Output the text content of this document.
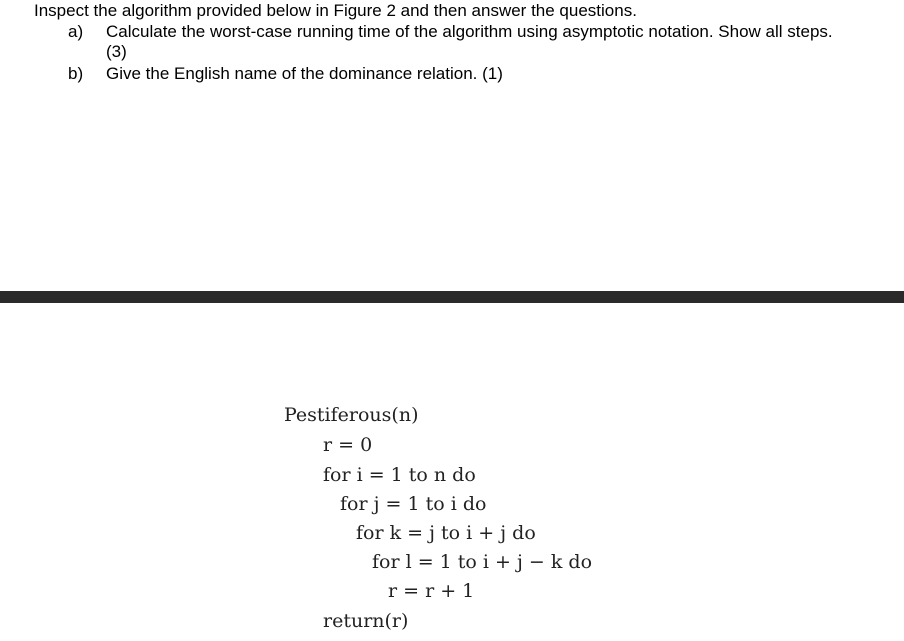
Inspect the algorithm provided below in Figure 2 and then answer the questions.
a) Calculate the worst-case running time of the algorithm using asymptotic notation. Show all steps. (3)
b) Give the English name of the dominance relation. (1)
Pestiferous(n)
r = 0
for i = 1 to n do
for j = 1 to i do
for k = j to i + j do
for l = 1 to i + j − k do
r = r + 1
return(r)
